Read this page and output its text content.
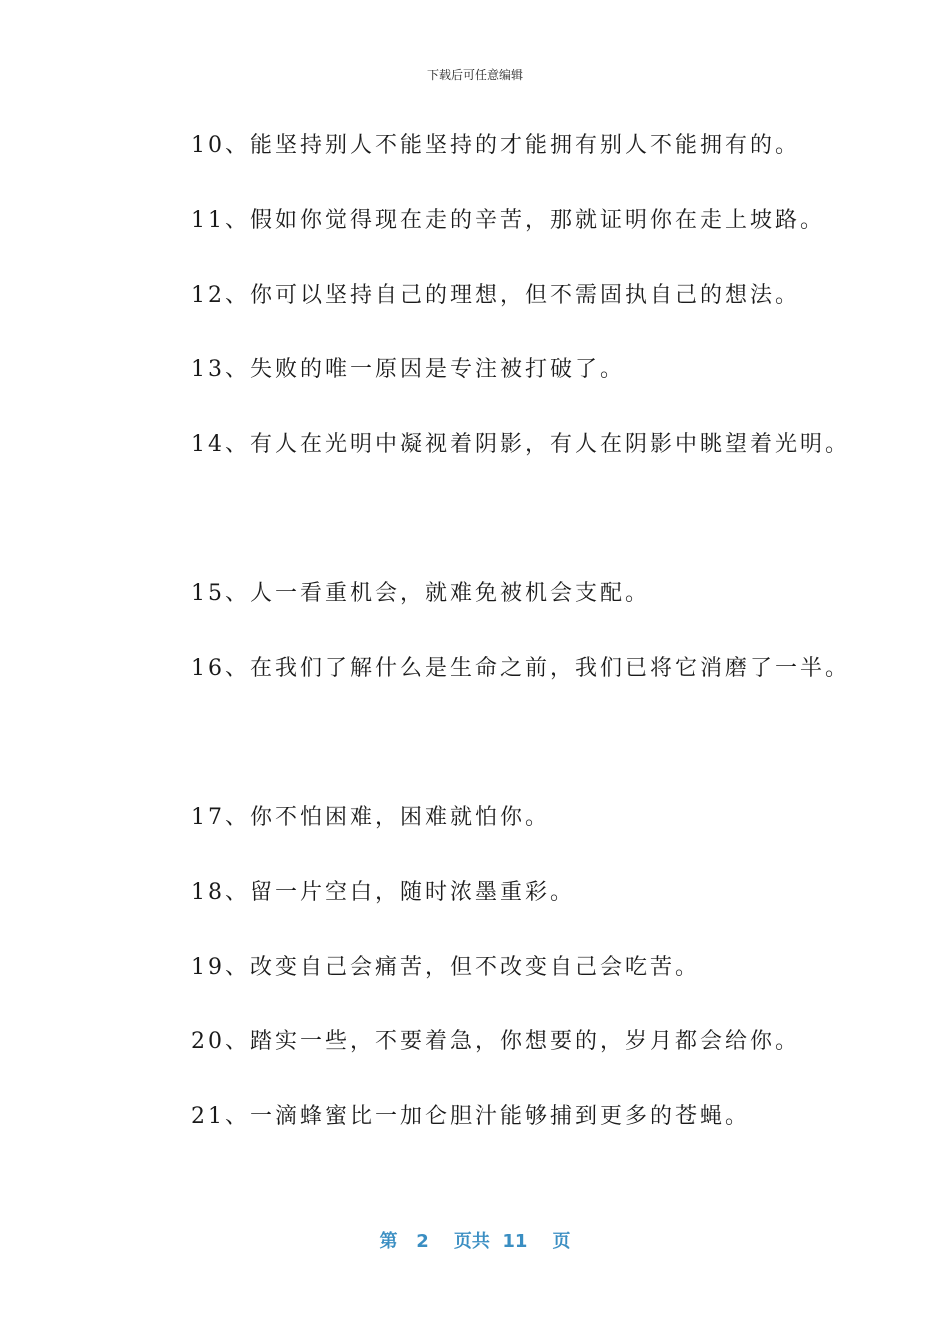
下载后可任意编辑
10、能坚持别人不能坚持的才能拥有别人不能拥有的。
11、假如你觉得现在走的辛苦，那就证明你在走上坡路。
12、你可以坚持自己的理想，但不需固执自己的想法。
13、失败的唯一原因是专注被打破了。
14、有人在光明中凝视着阴影，有人在阴影中眺望着光明。
15、人一看重机会，就难免被机会支配。
16、在我们了解什么是生命之前，我们已将它消磨了一半。
17、你不怕困难，困难就怕你。
18、留一片空白，随时浓墨重彩。
19、改变自己会痛苦，但不改变自己会吃苦。
20、踏实一些，不要着急，你想要的，岁月都会给你。
21、一滴蜂蜜比一加仑胆汁能够捕到更多的苍蝇。
第 2 页共 11 页
